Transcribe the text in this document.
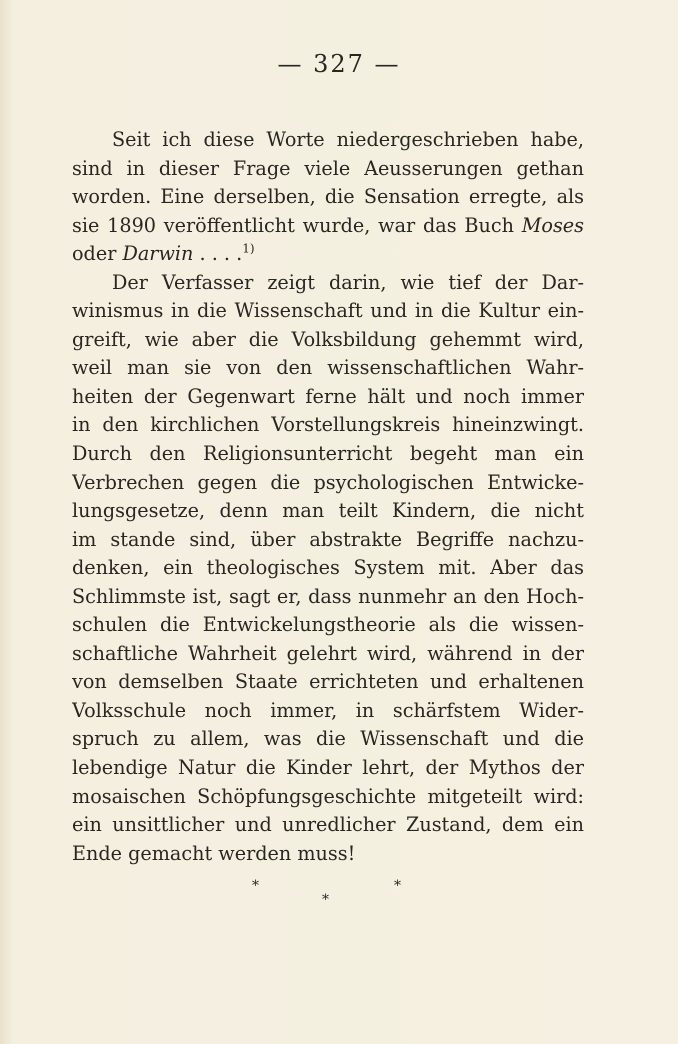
— 327 —
Seit ich diese Worte niedergeschrieben habe,
sind in dieser Frage viele Aeusserungen gethan
worden. Eine derselben, die Sensation erregte, als
sie 1890 veröffentlicht wurde, war das Buch Moses
oder Darwin . . . .$^{1)}$
Der Verfasser zeigt darin, wie tief der Dar-
winismus in die Wissenschaft und in die Kultur ein-
greift, wie aber die Volksbildung gehemmt wird,
weil man sie von den wissenschaftlichen Wahr-
heiten der Gegenwart ferne hält und noch immer
in den kirchlichen Vorstellungskreis hineinzwingt.
Durch den Religionsunterricht begeht man ein
Verbrechen gegen die psychologischen Entwicke-
lungsgesetze, denn man teilt Kindern, die nicht
im stande sind, über abstrakte Begriffe nachzu-
denken, ein theologisches System mit. Aber das
Schlimmste ist, sagt er, dass nunmehr an den Hoch-
schulen die Entwickelungstheorie als die wissen-
schaftliche Wahrheit gelehrt wird, während in der
von demselben Staate errichteten und erhaltenen
Volksschule noch immer, in schärfstem Wider-
spruch zu allem, was die Wissenschaft und die
lebendige Natur die Kinder lehrt, der Mythos der
mosaischen Schöpfungsgeschichte mitgeteilt wird:
ein unsittlicher und unredlicher Zustand, dem ein
Ende gemacht werden muss!
*	*
*
